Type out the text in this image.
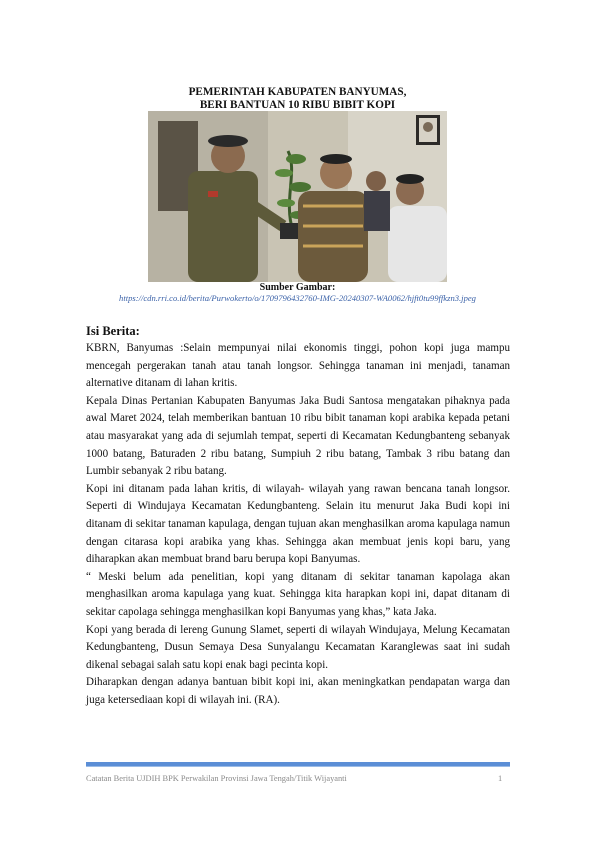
PEMERINTAH KABUPATEN BANYUMAS,
BERI BANTUAN 10 RIBU BIBIT KOPI
Sumber Gambar:
https://cdn.rri.co.id/berita/Purwokerto/o/1709796432760-IMG-20240307-WA0062/hjft0tu99ffkzn3.jpeg
Isi Berita:

KBRN, Banyumas :Selain mempunyai nilai ekonomis tinggi, pohon kopi juga mampu mencegah pergerakan tanah atau tanah longsor. Sehingga tanaman ini menjadi, tanaman alternative ditanam di lahan kritis.

Kepala Dinas Pertanian Kabupaten Banyumas Jaka Budi Santosa mengatakan pihaknya pada awal Maret 2024, telah memberikan bantuan 10 ribu bibit tanaman kopi arabika kepada petani atau masyarakat yang ada di sejumlah tempat, seperti di Kecamatan Kedungbanteng sebanyak 1000 batang, Baturaden 2 ribu batang, Sumpiuh 2 ribu batang, Tambak 3 ribu batang dan Lumbir sebanyak 2 ribu batang.

Kopi ini ditanam pada lahan kritis, di wilayah- wilayah yang rawan bencana tanah longsor. Seperti di Windujaya Kecamatan Kedungbanteng. Selain itu menurut Jaka Budi kopi ini ditanam di sekitar tanaman kapulaga, dengan tujuan akan menghasilkan aroma kapulaga namun dengan citarasa kopi arabika yang khas. Sehingga akan membuat jenis kopi baru, yang diharapkan akan membuat brand baru berupa kopi Banyumas.

“ Meski belum ada penelitian, kopi yang ditanam di sekitar tanaman kapolaga akan menghasilkan aroma kapulaga yang kuat. Sehingga kita harapkan kopi ini, dapat ditanam di sekitar capolaga sehingga menghasilkan kopi Banyumas yang khas,” kata Jaka.

Kopi yang berada di lereng Gunung Slamet, seperti di wilayah Windujaya, Melung Kecamatan Kedungbanteng, Dusun Semaya Desa Sunyalangu Kecamatan Karanglewas saat ini sudah dikenal sebagai salah satu kopi enak bagi pecinta kopi.

Diharapkan dengan adanya bantuan bibit kopi ini, akan meningkatkan pendapatan warga dan juga ketersediaan kopi di wilayah ini. (RA).

Catatan Berita UJDIH BPK Perwakilan Provinsi Jawa Tengah/Titik Wijayanti	1
